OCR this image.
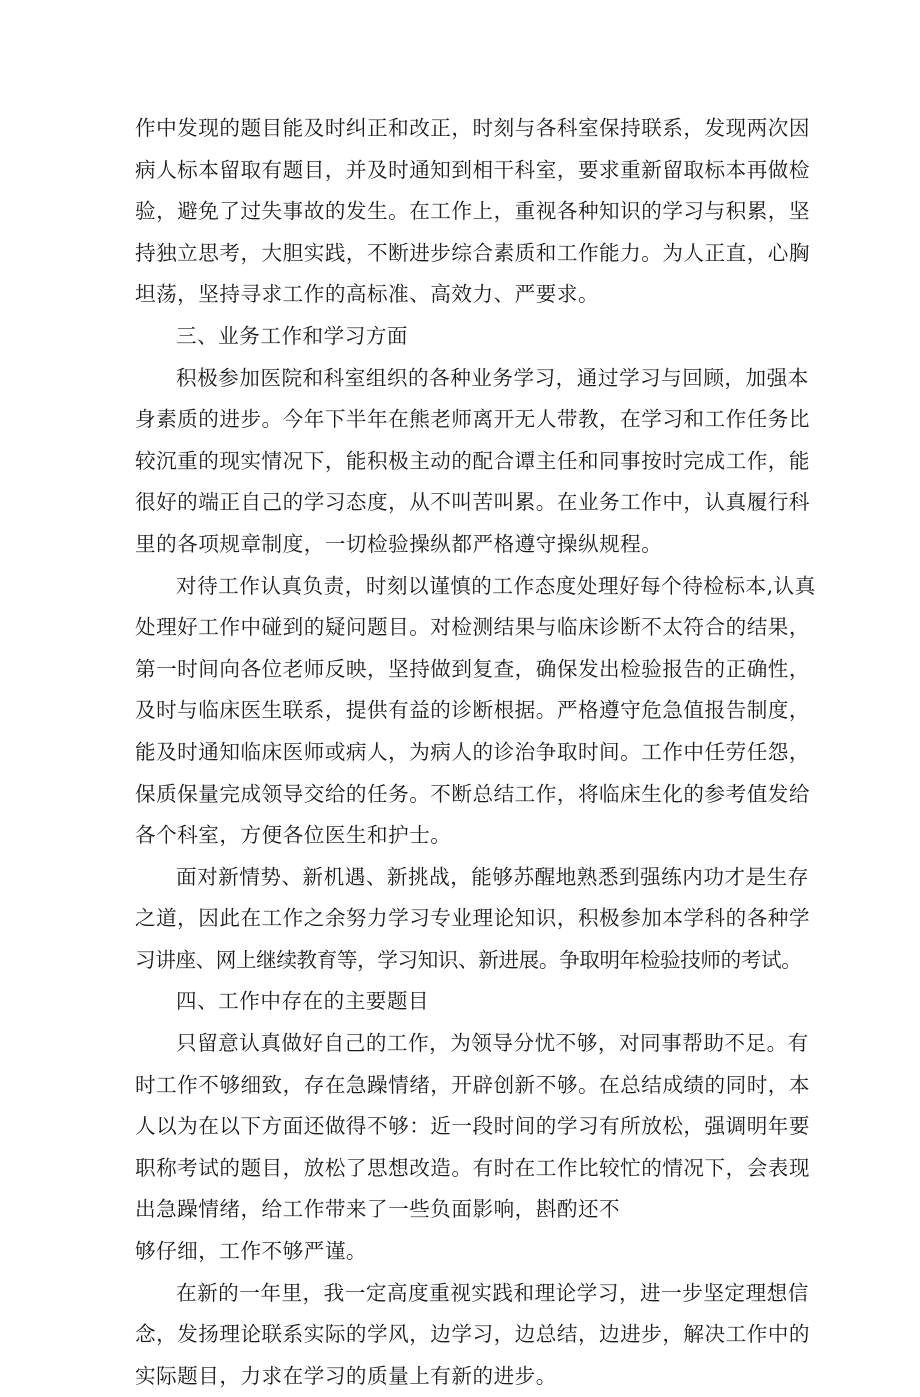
作中发现的题目能及时纠正和改正，时刻与各科室保持联系，发现两次因
病人标本留取有题目，并及时通知到相干科室，要求重新留取标本再做检
验，避免了过失事故的发生。在工作上，重视各种知识的学习与积累，坚
持独立思考，大胆实践，不断进步综合素质和工作能力。为人正直，心胸
坦荡，坚持寻求工作的高标准、高效力、严要求。
三、业务工作和学习方面
积极参加医院和科室组织的各种业务学习，通过学习与回顾，加强本
身素质的进步。今年下半年在熊老师离开无人带教，在学习和工作任务比
较沉重的现实情况下，能积极主动的配合谭主任和同事按时完成工作，能
很好的端正自己的学习态度，从不叫苦叫累。在业务工作中，认真履行科
里的各项规章制度，一切检验操纵都严格遵守操纵规程。
对待工作认真负责，时刻以谨慎的工作态度处理好每个待检标本,认真
处理好工作中碰到的疑问题目。对检测结果与临床诊断不太符合的结果，
第一时间向各位老师反映，坚持做到复查，确保发出检验报告的正确性，
及时与临床医生联系，提供有益的诊断根据。严格遵守危急值报告制度，
能及时通知临床医师或病人，为病人的诊治争取时间。工作中任劳任怨，
保质保量完成领导交给的任务。不断总结工作，将临床生化的参考值发给
各个科室，方便各位医生和护士。
面对新情势、新机遇、新挑战，能够苏醒地熟悉到强练内功才是生存
之道，因此在工作之余努力学习专业理论知识，积极参加本学科的各种学
习讲座、网上继续教育等，学习知识、新进展。争取明年检验技师的考试。
四、工作中存在的主要题目
只留意认真做好自己的工作，为领导分忧不够，对同事帮助不足。有
时工作不够细致，存在急躁情绪，开辟创新不够。在总结成绩的同时，本
人以为在以下方面还做得不够：近一段时间的学习有所放松，强调明年要
职称考试的题目，放松了思想改造。有时在工作比较忙的情况下，会表现
出急躁情绪，给工作带来了一些负面影响，斟酌还不
够仔细，工作不够严谨。
在新的一年里，我一定高度重视实践和理论学习，进一步坚定理想信
念，发扬理论联系实际的学风，边学习，边总结，边进步，解决工作中的
实际题目，力求在学习的质量上有新的进步。
